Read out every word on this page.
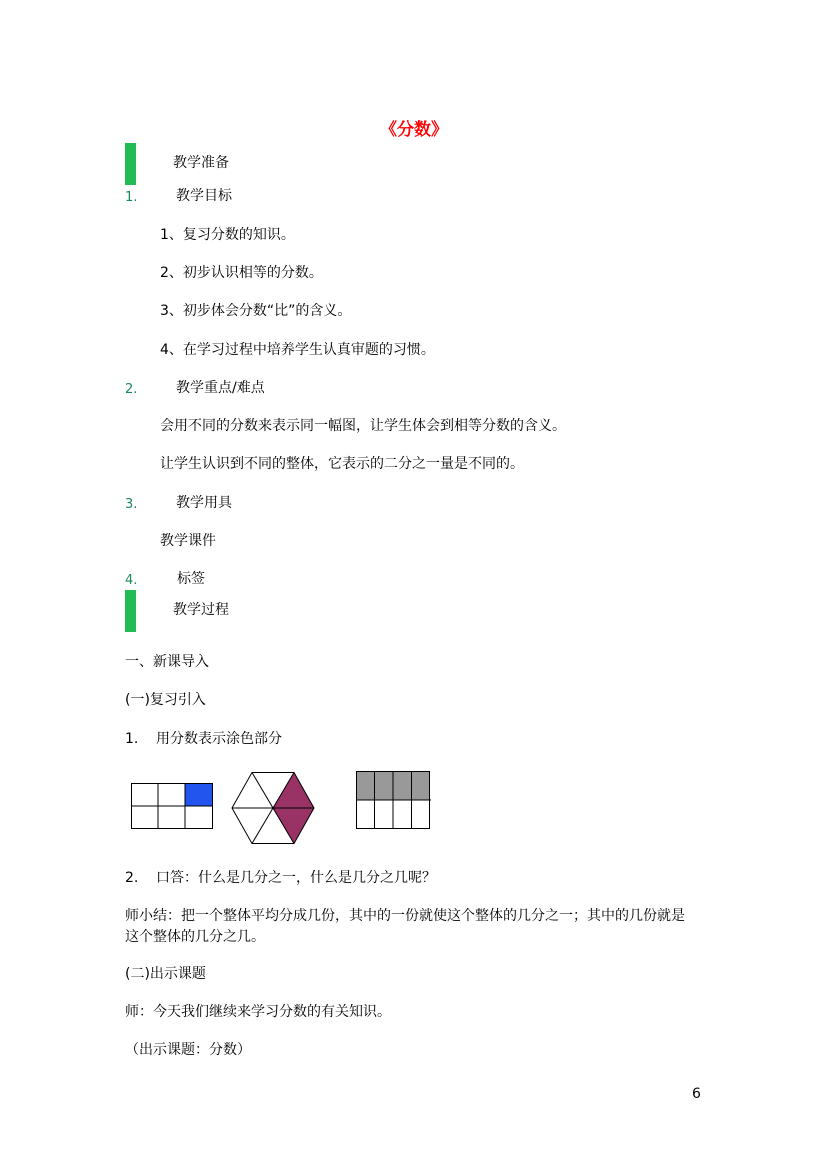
《分数》
教学准备
1.	教学目标
1、复习分数的知识。
2、初步认识相等的分数。
3、初步体会分数“比”的含义。
4、在学习过程中培养学生认真审题的习惯。
2.	教学重点/难点
会用不同的分数来表示同一幅图，让学生体会到相等分数的含义。
让学生认识到不同的整体，它表示的二分之一量是不同的。
3.	教学用具
教学课件
4.	标签
教学过程
一、新课导入
(一)复习引入
1. 用分数表示涂色部分
2. 口答：什么是几分之一，什么是几分之几呢？
师小结：把一个整体平均分成几份，其中的一份就使这个整体的几分之一；其中的几份就是
这个整体的几分之几。
(二)出示课题
师：今天我们继续来学习分数的有关知识。
（出示课题：分数）
6
